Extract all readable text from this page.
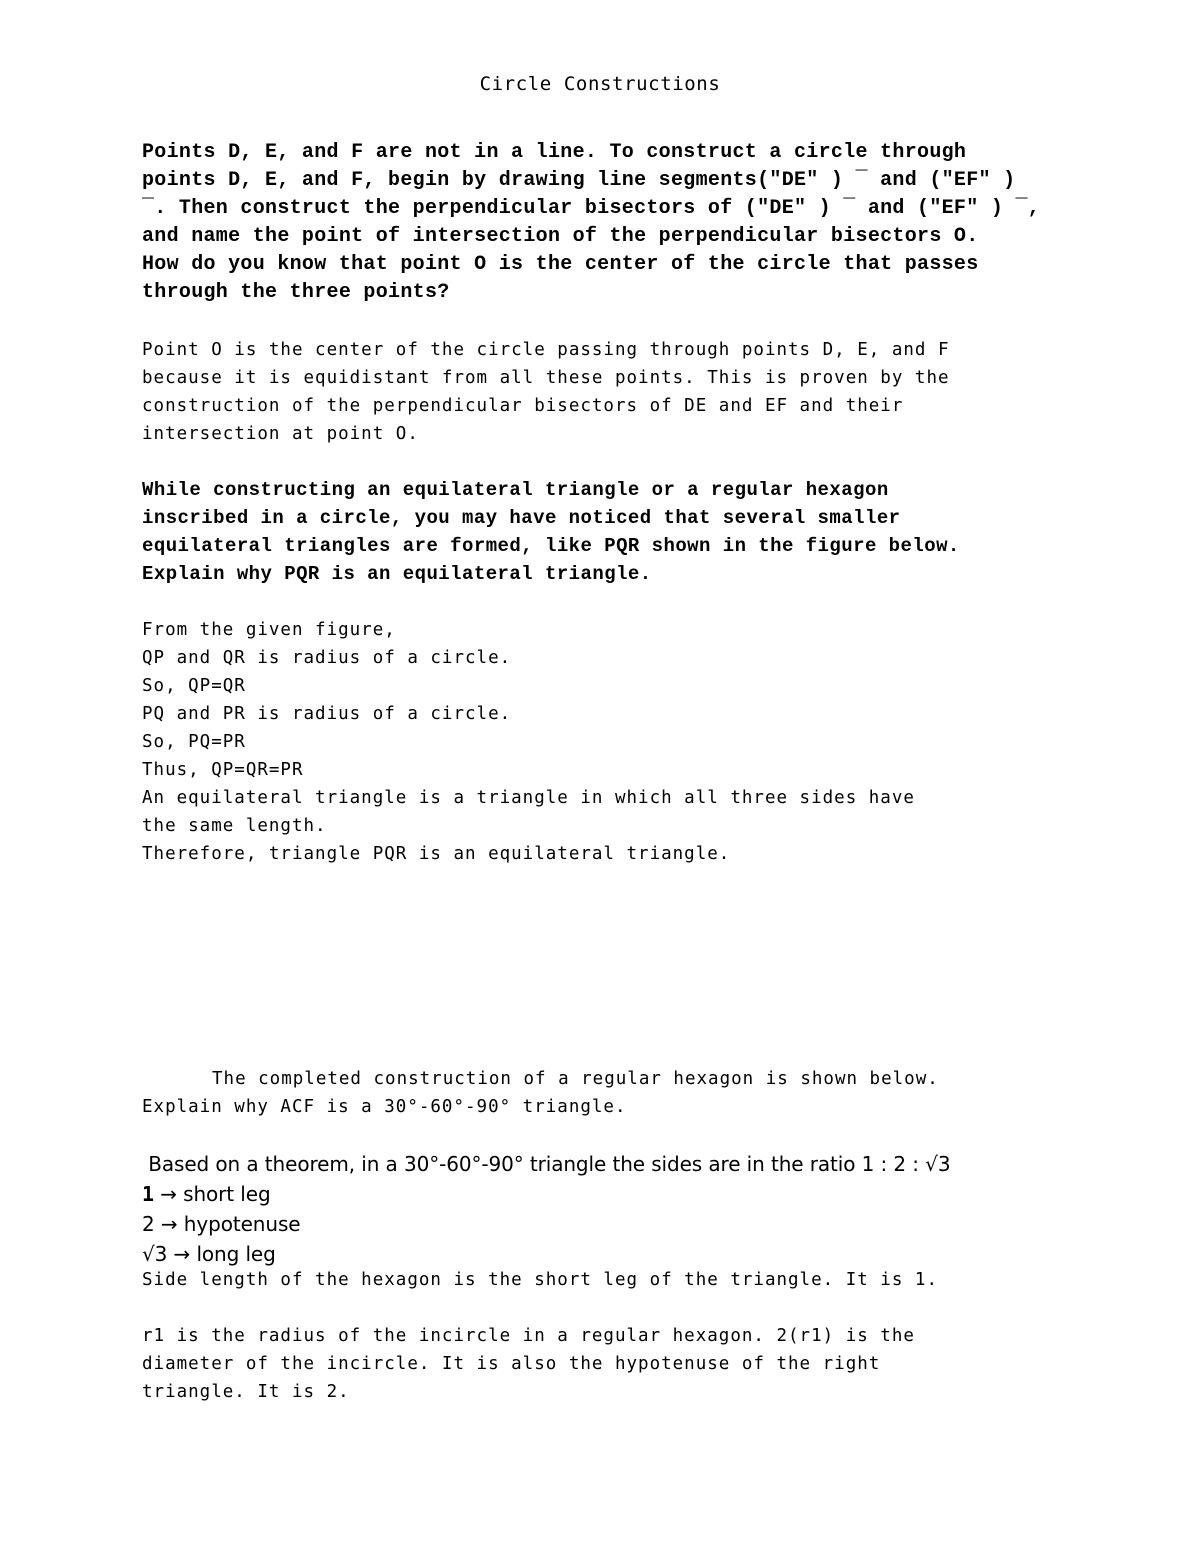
Circle Constructions
Points D, E, and F are not in a line. To construct a circle through
points D, E, and F, begin by drawing line segments("DE" ) ¯ and ("EF" )
¯. Then construct the perpendicular bisectors of ("DE" ) ¯ and ("EF" ) ¯,
and name the point of intersection of the perpendicular bisectors O.
How do you know that point O is the center of the circle that passes
through the three points?
Point O is the center of the circle passing through points D, E, and F
because it is equidistant from all these points. This is proven by the
construction of the perpendicular bisectors of DE and EF and their
intersection at point O.
While constructing an equilateral triangle or a regular hexagon
inscribed in a circle, you may have noticed that several smaller
equilateral triangles are formed, like PQR shown in the figure below.
Explain why PQR is an equilateral triangle.
From the given figure,
QP and QR is radius of a circle.
So, QP=QR
PQ and PR is radius of a circle.
So, PQ=PR
Thus, QP=QR=PR
An equilateral triangle is a triangle in which all three sides have
the same length.
Therefore, triangle PQR is an equilateral triangle.
The completed construction of a regular hexagon is shown below.
Explain why ACF is a 30°-60°-90° triangle.
Based on a theorem, in a 30°-60°-90° triangle the sides are in the ratio 1 : 2 : √3
1 → short leg
2 → hypotenuse
√3 → long leg
Side length of the hexagon is the short leg of the triangle. It is 1.
r1 is the radius of the incircle in a regular hexagon. 2(r1) is the
diameter of the incircle. It is also the hypotenuse of the right
triangle. It is 2.
